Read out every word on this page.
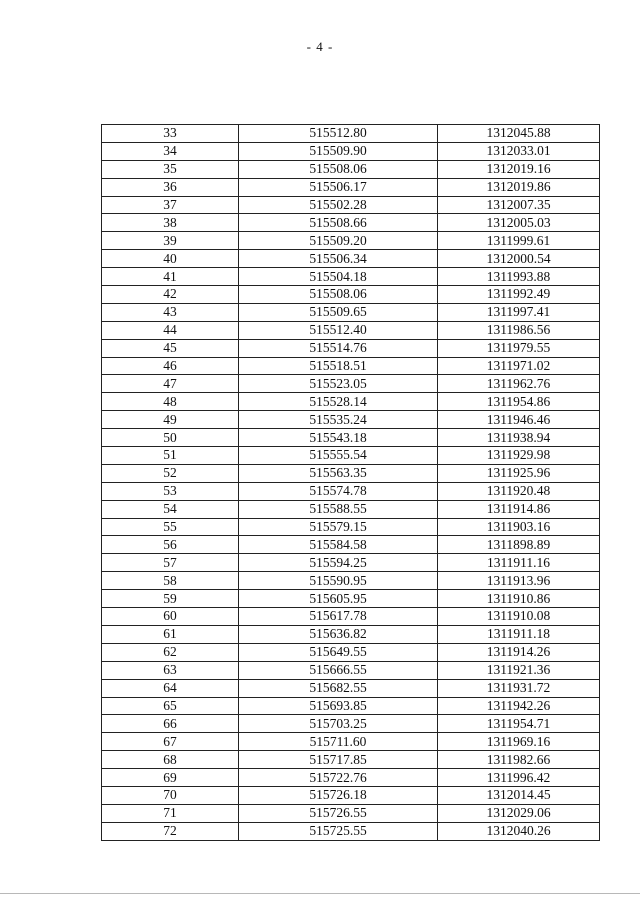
- 4 -
33	515512.80	1312045.88
34	515509.90	1312033.01
35	515508.06	1312019.16
36	515506.17	1312019.86
37	515502.28	1312007.35
38	515508.66	1312005.03
39	515509.20	1311999.61
40	515506.34	1312000.54
41	515504.18	1311993.88
42	515508.06	1311992.49
43	515509.65	1311997.41
44	515512.40	1311986.56
45	515514.76	1311979.55
46	515518.51	1311971.02
47	515523.05	1311962.76
48	515528.14	1311954.86
49	515535.24	1311946.46
50	515543.18	1311938.94
51	515555.54	1311929.98
52	515563.35	1311925.96
53	515574.78	1311920.48
54	515588.55	1311914.86
55	515579.15	1311903.16
56	515584.58	1311898.89
57	515594.25	1311911.16
58	515590.95	1311913.96
59	515605.95	1311910.86
60	515617.78	1311910.08
61	515636.82	1311911.18
62	515649.55	1311914.26
63	515666.55	1311921.36
64	515682.55	1311931.72
65	515693.85	1311942.26
66	515703.25	1311954.71
67	515711.60	1311969.16
68	515717.85	1311982.66
69	515722.76	1311996.42
70	515726.18	1312014.45
71	515726.55	1312029.06
72	515725.55	1312040.26
